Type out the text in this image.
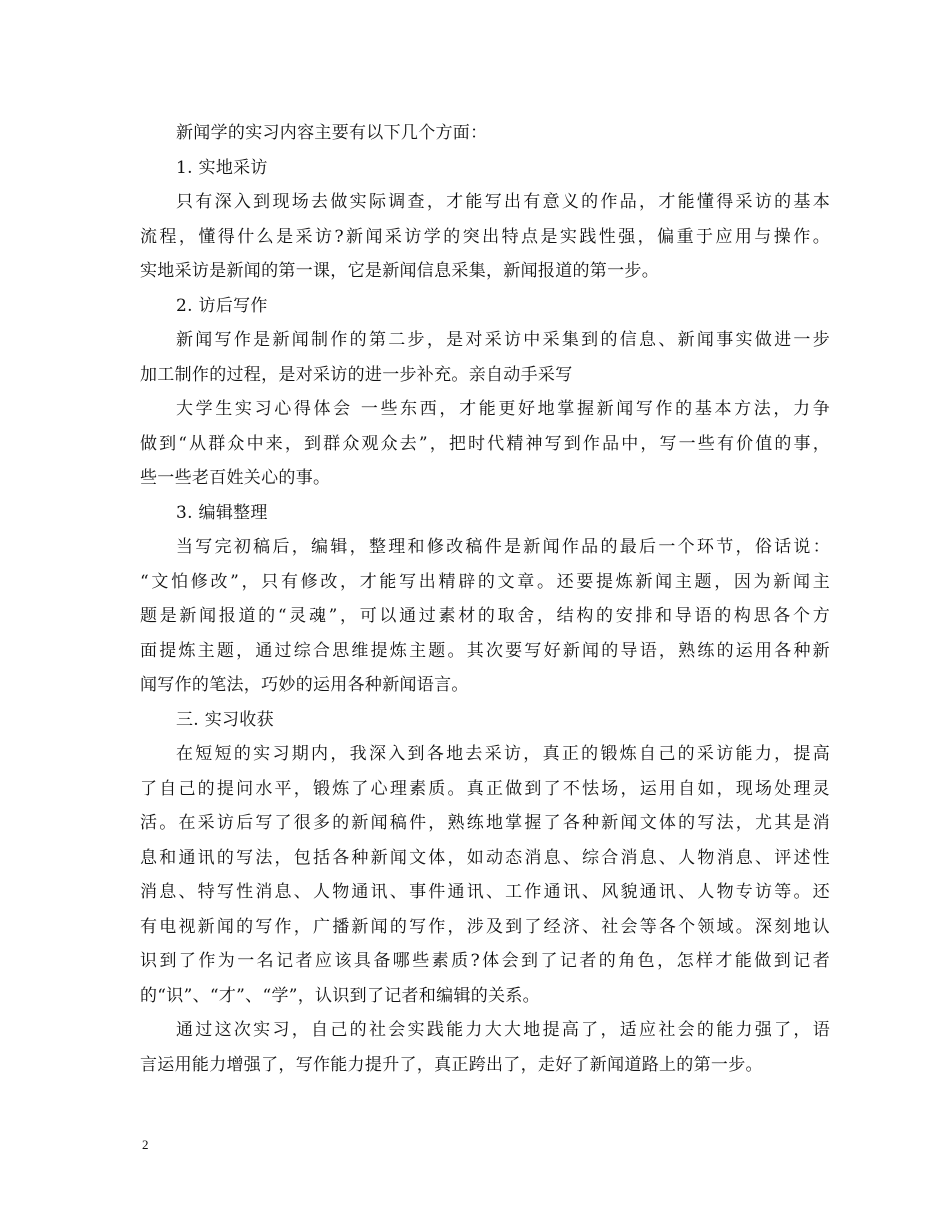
新闻学的实习内容主要有以下几个方面：
1. 实地采访
只有深入到现场去做实际调查，才能写出有意义的作品，才能懂得采访的基本
流程，懂得什么是采访?新闻采访学的突出特点是实践性强，偏重于应用与操作。
实地采访是新闻的第一课，它是新闻信息采集，新闻报道的第一步。
2. 访后写作
新闻写作是新闻制作的第二步，是对采访中采集到的信息、新闻事实做进一步
加工制作的过程，是对采访的进一步补充。亲自动手采写
大学生实习心得体会 一些东西，才能更好地掌握新闻写作的基本方法，力争
做到“从群众中来，到群众观众去”，把时代精神写到作品中，写一些有价值的事，
些一些老百姓关心的事。
3. 编辑整理
当写完初稿后，编辑，整理和修改稿件是新闻作品的最后一个环节，俗话说：
“文怕修改”，只有修改，才能写出精辟的文章。还要提炼新闻主题，因为新闻主
题是新闻报道的“灵魂”，可以通过素材的取舍，结构的安排和导语的构思各个方
面提炼主题，通过综合思维提炼主题。其次要写好新闻的导语，熟练的运用各种新
闻写作的笔法，巧妙的运用各种新闻语言。
三. 实习收获
在短短的实习期内，我深入到各地去采访，真正的锻炼自己的采访能力，提高
了自己的提问水平，锻炼了心理素质。真正做到了不怯场，运用自如，现场处理灵
活。在采访后写了很多的新闻稿件，熟练地掌握了各种新闻文体的写法，尤其是消
息和通讯的写法，包括各种新闻文体，如动态消息、综合消息、人物消息、评述性
消息、特写性消息、人物通讯、事件通讯、工作通讯、风貌通讯、人物专访等。还
有电视新闻的写作，广播新闻的写作，涉及到了经济、社会等各个领域。深刻地认
识到了作为一名记者应该具备哪些素质?体会到了记者的角色，怎样才能做到记者
的“识”、“才”、“学”，认识到了记者和编辑的关系。
通过这次实习，自己的社会实践能力大大地提高了，适应社会的能力强了，语
言运用能力增强了，写作能力提升了，真正跨出了，走好了新闻道路上的第一步。
2
